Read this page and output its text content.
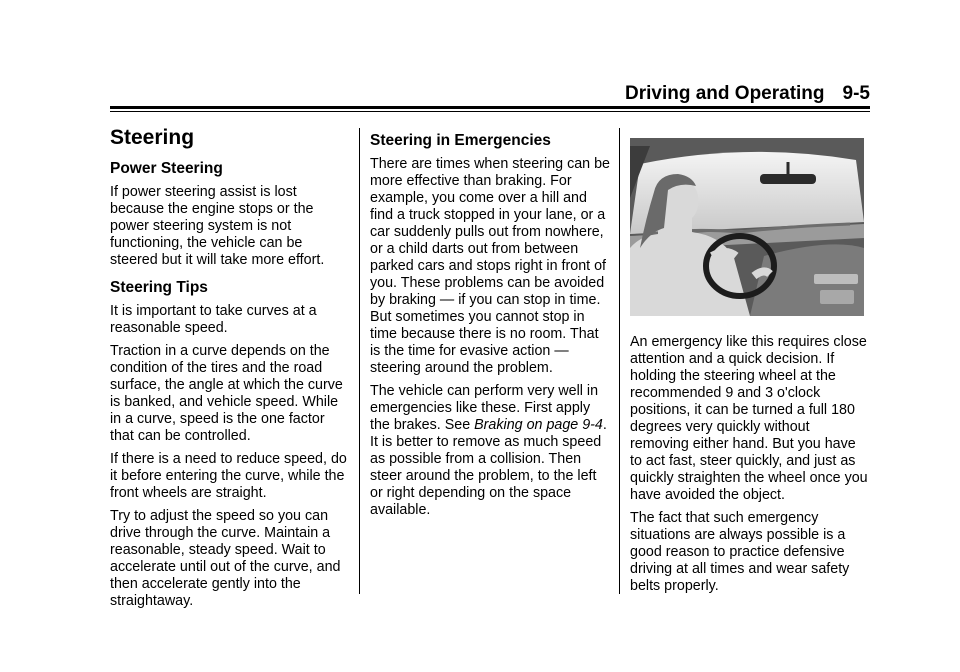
Driving and Operating 9-5
Steering
Power Steering

If power steering assist is lost because the engine stops or the power steering system is not functioning, the vehicle can be steered but it will take more effort.

Steering Tips

It is important to take curves at a reasonable speed.

Traction in a curve depends on the condition of the tires and the road surface, the angle at which the curve is banked, and vehicle speed. While in a curve, speed is the one factor that can be controlled.

If there is a need to reduce speed, do it before entering the curve, while the front wheels are straight.

Try to adjust the speed so you can drive through the curve. Maintain a reasonable, steady speed. Wait to accelerate until out of the curve, and then accelerate gently into the straightaway.

Steering in Emergencies

There are times when steering can be more effective than braking. For example, you come over a hill and find a truck stopped in your lane, or a car suddenly pulls out from nowhere, or a child darts out from between parked cars and stops right in front of you. These problems can be avoided by braking — if you can stop in time. But sometimes you cannot stop in time because there is no room. That is the time for evasive action — steering around the problem.

The vehicle can perform very well in emergencies like these. First apply the brakes. See Braking on page 9-4. It is better to remove as much speed as possible from a collision. Then steer around the problem, to the left or right depending on the space available.

An emergency like this requires close attention and a quick decision. If holding the steering wheel at the recommended 9 and 3 o'clock positions, it can be turned a full 180 degrees very quickly without removing either hand. But you have to act fast, steer quickly, and just as quickly straighten the wheel once you have avoided the object.

The fact that such emergency situations are always possible is a good reason to practice defensive driving at all times and wear safety belts properly.
